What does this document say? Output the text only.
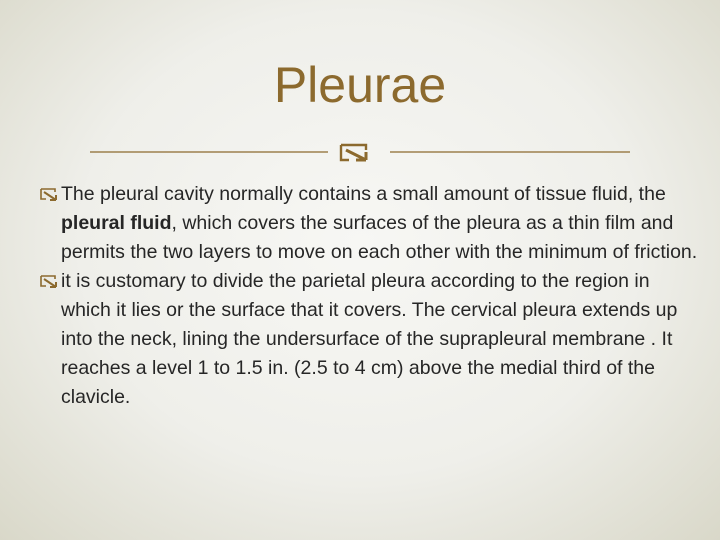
Pleurae

The pleural cavity normally contains a small amount of tissue fluid, the pleural fluid, which covers the surfaces of the pleura as a thin film and permits the two layers to move on each other with the minimum of friction.

it is customary to divide the parietal pleura according to the region in which it lies or the surface that it covers. The cervical pleura extends up into the neck, lining the undersurface of the suprapleural membrane . It reaches a level 1 to 1.5 in. (2.5 to 4 cm) above the medial third of the clavicle.
